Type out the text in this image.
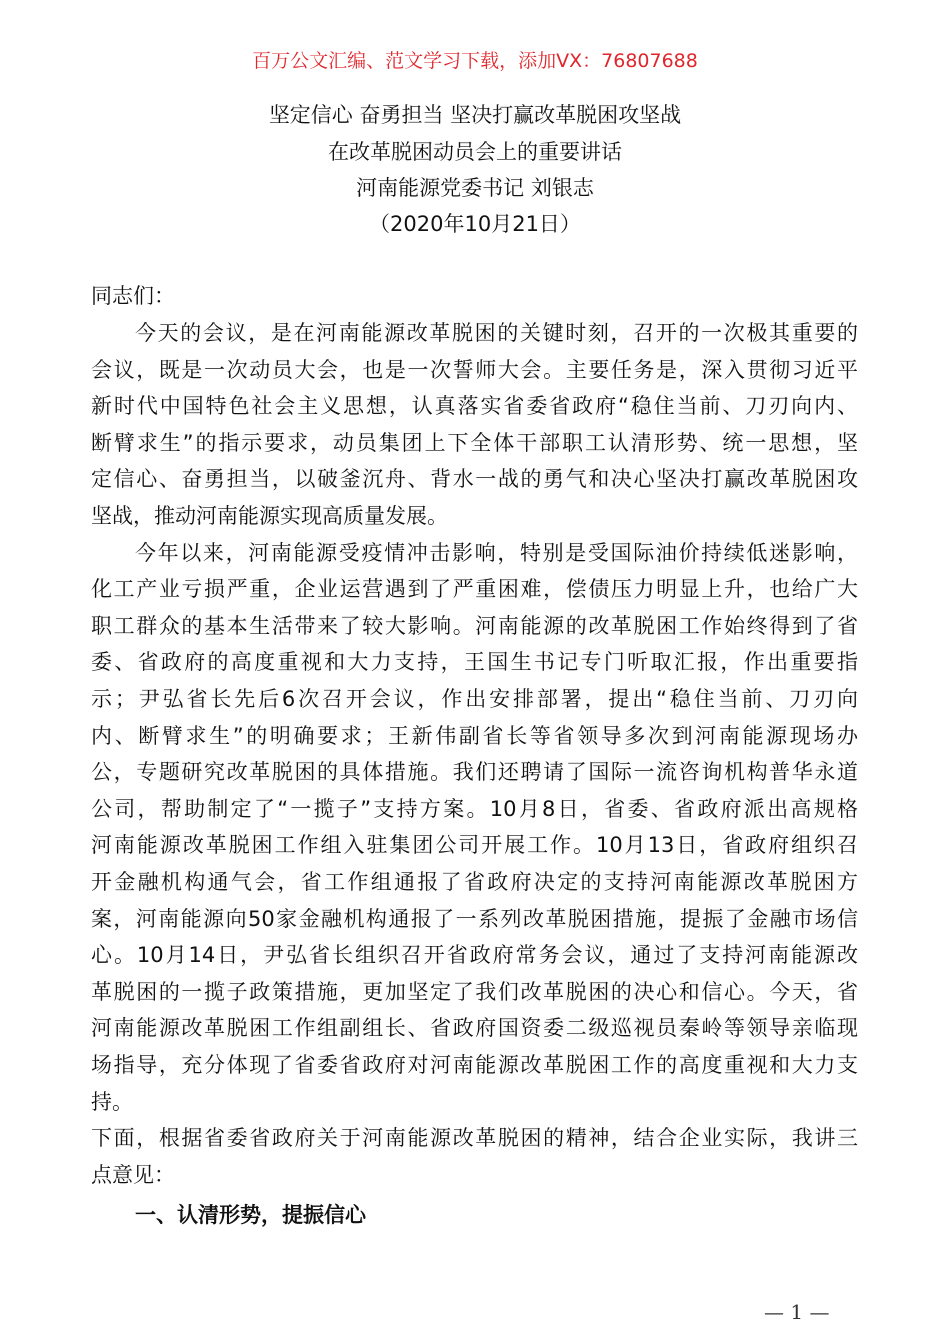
百万公文汇编、范文学习下载，添加VX：76807688
坚定信心 奋勇担当 坚决打赢改革脱困攻坚战
在改革脱困动员会上的重要讲话
河南能源党委书记 刘银志
（2020年10月21日）
同志们：
今天的会议，是在河南能源改革脱困的关键时刻，召开的一次极其重要的
会议，既是一次动员大会，也是一次誓师大会。主要任务是，深入贯彻习近平
新时代中国特色社会主义思想，认真落实省委省政府“稳住当前、刀刃向内、
断臂求生”的指示要求，动员集团上下全体干部职工认清形势、统一思想，坚
定信心、奋勇担当，以破釜沉舟、背水一战的勇气和决心坚决打赢改革脱困攻
坚战，推动河南能源实现高质量发展。
今年以来，河南能源受疫情冲击影响，特别是受国际油价持续低迷影响，
化工产业亏损严重，企业运营遇到了严重困难，偿债压力明显上升，也给广大
职工群众的基本生活带来了较大影响。河南能源的改革脱困工作始终得到了省
委、省政府的高度重视和大力支持，王国生书记专门听取汇报，作出重要指
示；尹弘省长先后6次召开会议，作出安排部署，提出“稳住当前、刀刃向
内、断臂求生”的明确要求；王新伟副省长等省领导多次到河南能源现场办
公，专题研究改革脱困的具体措施。我们还聘请了国际一流咨询机构普华永道
公司，帮助制定了“一揽子”支持方案。10月8日，省委、省政府派出高规格
河南能源改革脱困工作组入驻集团公司开展工作。10月13日，省政府组织召
开金融机构通气会，省工作组通报了省政府决定的支持河南能源改革脱困方
案，河南能源向50家金融机构通报了一系列改革脱困措施，提振了金融市场信
心。10月14日，尹弘省长组织召开省政府常务会议，通过了支持河南能源改
革脱困的一揽子政策措施，更加坚定了我们改革脱困的决心和信心。今天，省
河南能源改革脱困工作组副组长、省政府国资委二级巡视员秦岭等领导亲临现
场指导，充分体现了省委省政府对河南能源改革脱困工作的高度重视和大力支
持。
下面，根据省委省政府关于河南能源改革脱困的精神，结合企业实际，我讲三
点意见：
一、认清形势，提振信心
— 1 —
